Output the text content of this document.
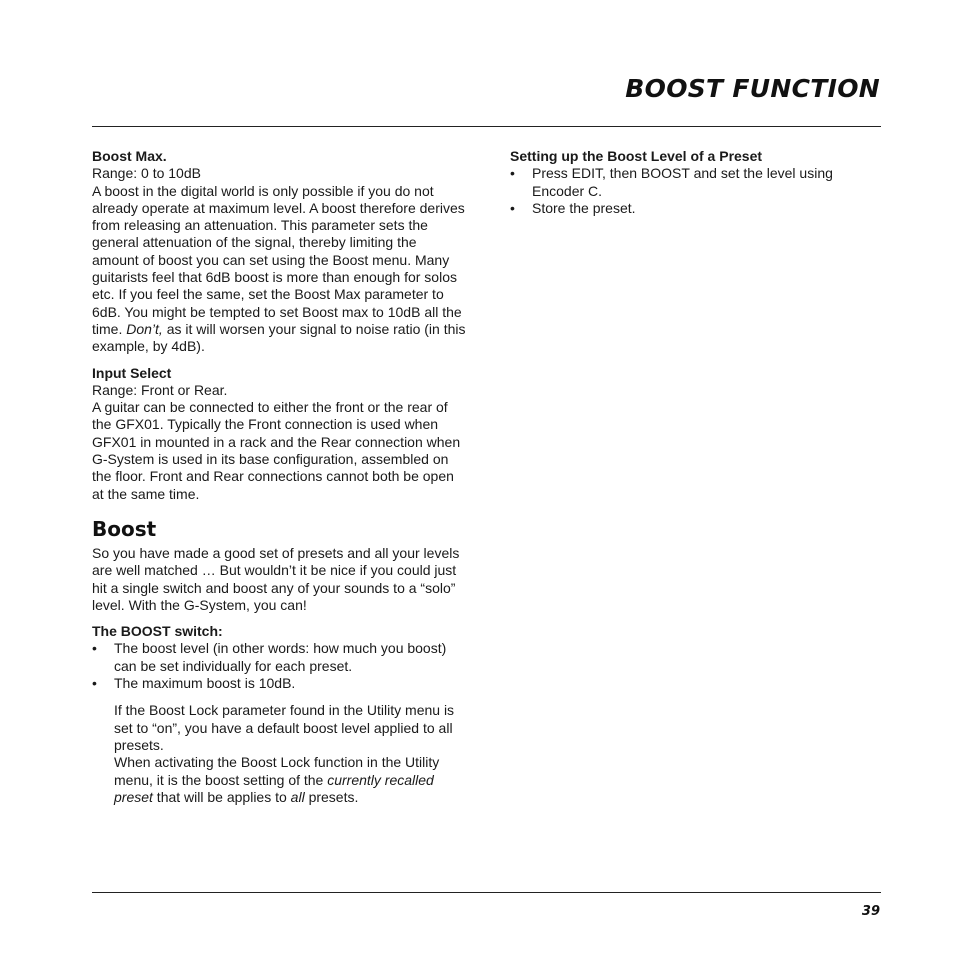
BOOST FUNCTION

Boost Max.

Range: 0 to 10dB

A boost in the digital world is only possible if you do not already operate at maximum level. A boost therefore derives from releasing an attenuation. This parameter sets the general attenuation of the signal, thereby limiting the amount of boost you can set using the Boost menu. Many guitarists feel that 6dB boost is more than enough for solos etc. If you feel the same, set the Boost Max parameter to 6dB. You might be tempted to set Boost max to 10dB all the time. Don’t, as it will worsen your signal to noise ratio (in this example, by 4dB).

Input Select

Range: Front or Rear.

A guitar can be connected to either the front or the rear of the GFX01. Typically the Front connection is used when GFX01 in mounted in a rack and the Rear connection when G-System is used in its base configuration, assembled on the floor. Front and Rear connections cannot both be open at the same time.

Boost

So you have made a good set of presets and all your levels are well matched … But wouldn’t it be nice if you could just hit a single switch and boost any of your sounds to a “solo” level. With the G-System, you can!

The BOOST switch:

• The boost level (in other words: how much you boost) can be set individually for each preset.
• The maximum boost is 10dB.

If the Boost Lock parameter found in the Utility menu is set to “on”, you have a default boost level applied to all presets.

When activating the Boost Lock function in the Utility menu, it is the boost setting of the currently recalled preset that will be applies to all presets.

Setting up the Boost Level of a Preset

• Press EDIT, then BOOST and set the level using Encoder C.
• Store the preset.
39
